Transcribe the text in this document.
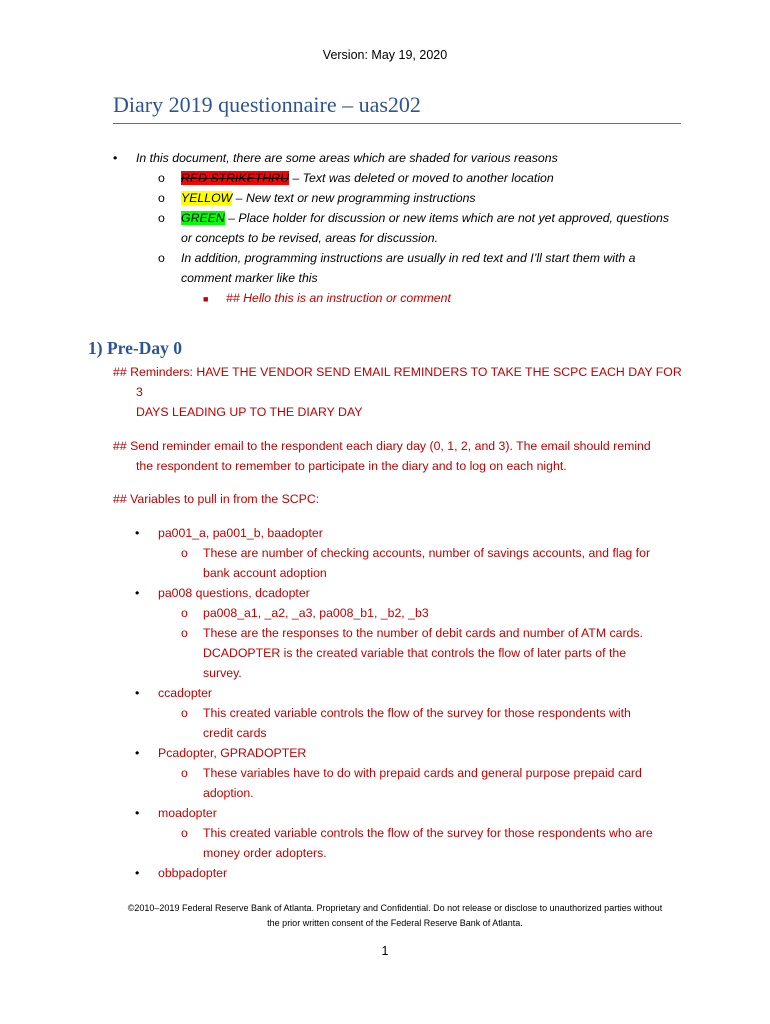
Version: May 19, 2020
Diary 2019 questionnaire – uas202
• In this document, there are some areas which are shaded for various reasons
o RED STRIKETHRU – Text was deleted or moved to another location
o YELLOW – New text or new programming instructions
o GREEN – Place holder for discussion or new items which are not yet approved, questions
or concepts to be revised, areas for discussion.
o In addition, programming instructions are usually in red text and I’ll start them with a
comment marker like this
■ ## Hello this is an instruction or comment
1) Pre-Day 0
## Reminders: HAVE THE VENDOR SEND EMAIL REMINDERS TO TAKE THE SCPC EACH DAY FOR 3
DAYS LEADING UP TO THE DIARY DAY
## Send reminder email to the respondent each diary day (0, 1, 2, and 3). The email should remind
the respondent to remember to participate in the diary and to log on each night.
## Variables to pull in from the SCPC:
• pa001_a, pa001_b, baadopter
o These are number of checking accounts, number of savings accounts, and flag for
bank account adoption
• pa008 questions, dcadopter
o pa008_a1, _a2, _a3, pa008_b1, _b2, _b3
o These are the responses to the number of debit cards and number of ATM cards.
DCADOPTER is the created variable that controls the flow of later parts of the
survey.
• ccadopter
o This created variable controls the flow of the survey for those respondents with
credit cards
• Pcadopter, GPRADOPTER
o These variables have to do with prepaid cards and general purpose prepaid card
adoption.
• moadopter
o This created variable controls the flow of the survey for those respondents who are
money order adopters.
• obbpadopter
©2010–2019 Federal Reserve Bank of Atlanta. Proprietary and Confidential. Do not release or disclose to unauthorized parties without
the prior written consent of the Federal Reserve Bank of Atlanta.
1
